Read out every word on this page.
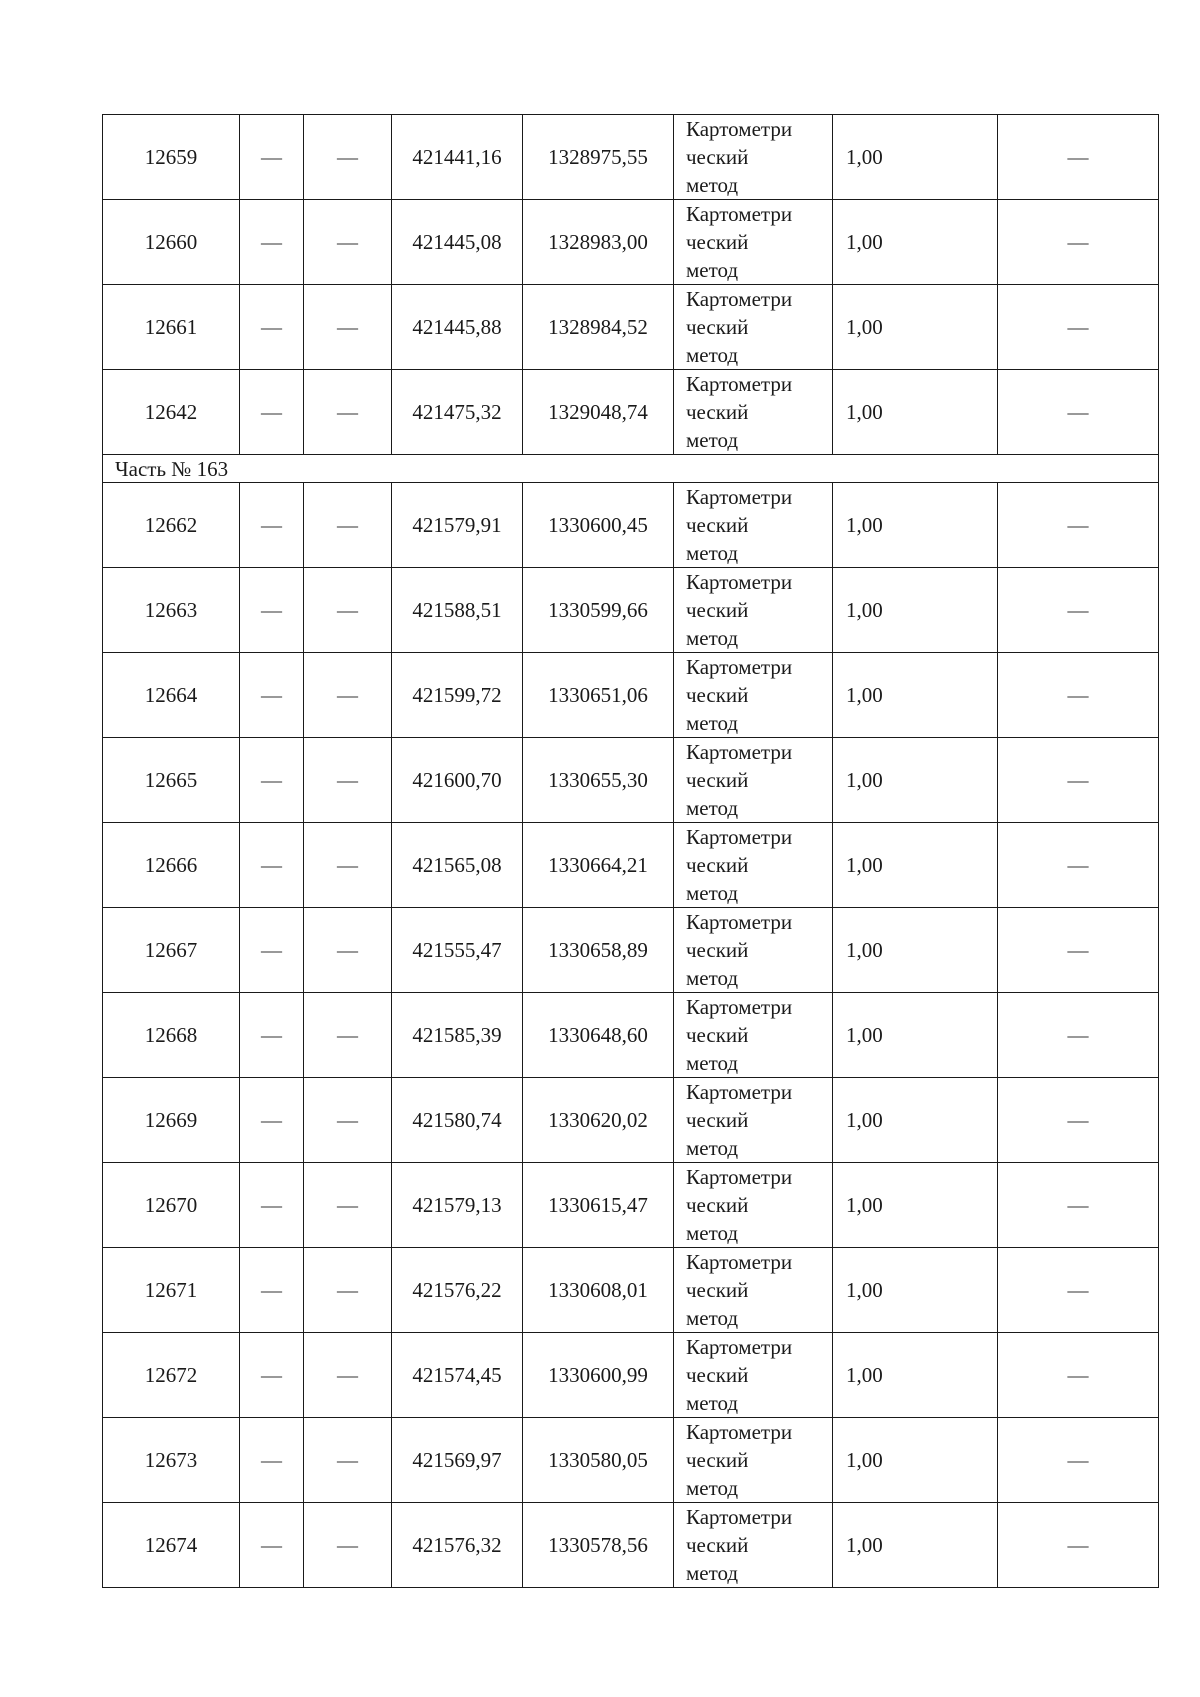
12659	—	—	421441,16	1328975,55	Картометри
ческий
метод	1,00	—
12660	—	—	421445,08	1328983,00	Картометри
ческий
метод	1,00	—
12661	—	—	421445,88	1328984,52	Картометри
ческий
метод	1,00	—
12642	—	—	421475,32	1329048,74	Картометри
ческий
метод	1,00	—
Часть № 163							
12662	—	—	421579,91	1330600,45	Картометри
ческий
метод	1,00	—
12663	—	—	421588,51	1330599,66	Картометри
ческий
метод	1,00	—
12664	—	—	421599,72	1330651,06	Картометри
ческий
метод	1,00	—
12665	—	—	421600,70	1330655,30	Картометри
ческий
метод	1,00	—
12666	—	—	421565,08	1330664,21	Картометри
ческий
метод	1,00	—
12667	—	—	421555,47	1330658,89	Картометри
ческий
метод	1,00	—
12668	—	—	421585,39	1330648,60	Картометри
ческий
метод	1,00	—
12669	—	—	421580,74	1330620,02	Картометри
ческий
метод	1,00	—
12670	—	—	421579,13	1330615,47	Картометри
ческий
метод	1,00	—
12671	—	—	421576,22	1330608,01	Картометри
ческий
метод	1,00	—
12672	—	—	421574,45	1330600,99	Картометри
ческий
метод	1,00	—
12673	—	—	421569,97	1330580,05	Картометри
ческий
метод	1,00	—
12674	—	—	421576,32	1330578,56	Картометри
ческий
метод	1,00	—
